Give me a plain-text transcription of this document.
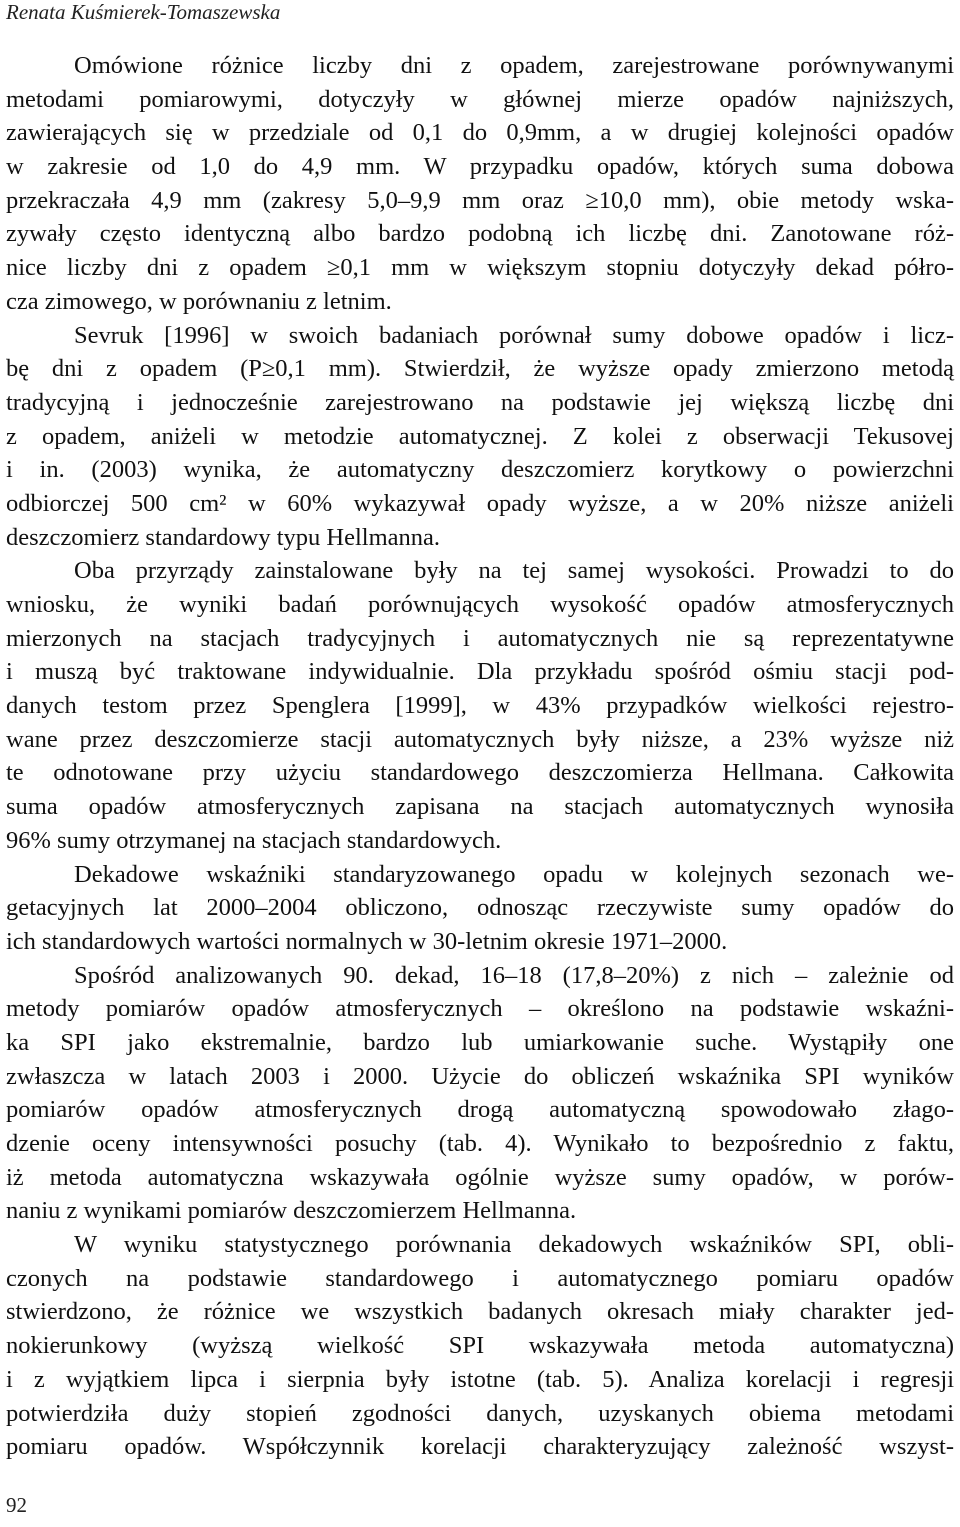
Renata Kuśmierek-Tomaszewska
Omówione różnice liczby dni z opadem, zarejestrowane porównywanymi
metodami pomiarowymi, dotyczyły w głównej mierze opadów najniższych,
zawierających się w przedziale od 0,1 do 0,9mm, a w drugiej kolejności opadów
w zakresie od 1,0 do 4,9 mm. W przypadku opadów, których suma dobowa
przekraczała 4,9 mm (zakresy 5,0–9,9 mm oraz ≥10,0 mm), obie metody wska-
zywały często identyczną albo bardzo podobną ich liczbę dni. Zanotowane róż-
nice liczby dni z opadem ≥0,1 mm w większym stopniu dotyczyły dekad półro-
cza zimowego, w porównaniu z letnim.
Sevruk [1996] w swoich badaniach porównał sumy dobowe opadów i licz-
bę dni z opadem (P≥0,1 mm). Stwierdził, że wyższe opady zmierzono metodą
tradycyjną i jednocześnie zarejestrowano na podstawie jej większą liczbę dni
z opadem, aniżeli w metodzie automatycznej. Z kolei z obserwacji Tekusovej
i in. (2003) wynika, że automatyczny deszczomierz korytkowy o powierzchni
odbiorczej 500 cm² w 60% wykazywał opady wyższe, a w 20% niższe aniżeli
deszczomierz standardowy typu Hellmanna.
Oba przyrządy zainstalowane były na tej samej wysokości. Prowadzi to do
wniosku, że wyniki badań porównujących wysokość opadów atmosferycznych
mierzonych na stacjach tradycyjnych i automatycznych nie są reprezentatywne
i muszą być traktowane indywidualnie. Dla przykładu spośród ośmiu stacji pod-
danych testom przez Spenglera [1999], w 43% przypadków wielkości rejestro-
wane przez deszczomierze stacji automatycznych były niższe, a 23% wyższe niż
te odnotowane przy użyciu standardowego deszczomierza Hellmana. Całkowita
suma opadów atmosferycznych zapisana na stacjach automatycznych wynosiła
96% sumy otrzymanej na stacjach standardowych.
Dekadowe wskaźniki standaryzowanego opadu w kolejnych sezonach we-
getacyjnych lat 2000–2004 obliczono, odnosząc rzeczywiste sumy opadów do
ich standardowych wartości normalnych w 30-letnim okresie 1971–2000.
Spośród analizowanych 90. dekad, 16–18 (17,8–20%) z nich – zależnie od
metody pomiarów opadów atmosferycznych – określono na podstawie wskaźni-
ka SPI jako ekstremalnie, bardzo lub umiarkowanie suche. Wystąpiły one
zwłaszcza w latach 2003 i 2000. Użycie do obliczeń wskaźnika SPI wyników
pomiarów opadów atmosferycznych drogą automatyczną spowodowało złago-
dzenie oceny intensywności posuchy (tab. 4). Wynikało to bezpośrednio z faktu,
iż metoda automatyczna wskazywała ogólnie wyższe sumy opadów, w porów-
naniu z wynikami pomiarów deszczomierzem Hellmanna.
W wyniku statystycznego porównania dekadowych wskaźników SPI, obli-
czonych na podstawie standardowego i automatycznego pomiaru opadów
stwierdzono, że różnice we wszystkich badanych okresach miały charakter jed-
nokierunkowy (wyższą wielkość SPI wskazywała metoda automatyczna)
i z wyjątkiem lipca i sierpnia były istotne (tab. 5). Analiza korelacji i regresji
potwierdziła duży stopień zgodności danych, uzyskanych obiema metodami
pomiaru opadów. Współczynnik korelacji charakteryzujący zależność wszyst-
92
